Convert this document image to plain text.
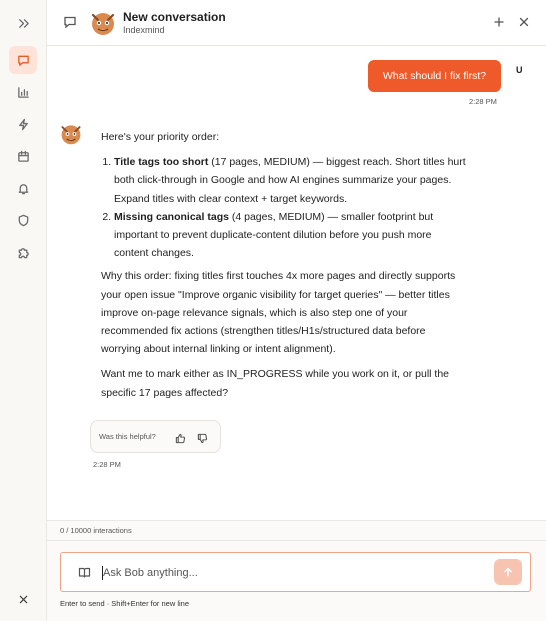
New conversation
Indexmind
What should I fix first?	U
2:28 PM

Here's your priority order:

1. Title tags too short (17 pages, MEDIUM) — biggest reach. Short titles hurt both click-through in Google and how AI engines summarize your pages. Expand titles with clear context + target keywords.
2. Missing canonical tags (4 pages, MEDIUM) — smaller footprint but important to prevent duplicate-content dilution before you push more content changes.

Why this order: fixing titles first touches 4x more pages and directly supports your open issue "Improve organic visibility for target queries" — better titles improve on-page relevance signals, which is also step one of your recommended fix actions (strengthen titles/H1s/structured data before worrying about internal linking or intent alignment).

Want me to mark either as IN_PROGRESS while you work on it, or pull the specific 17 pages affected?

Was this helpful?
2:28 PM
0 / 10000 interactions
Ask Bob anything...
Enter to send · Shift+Enter for new line
